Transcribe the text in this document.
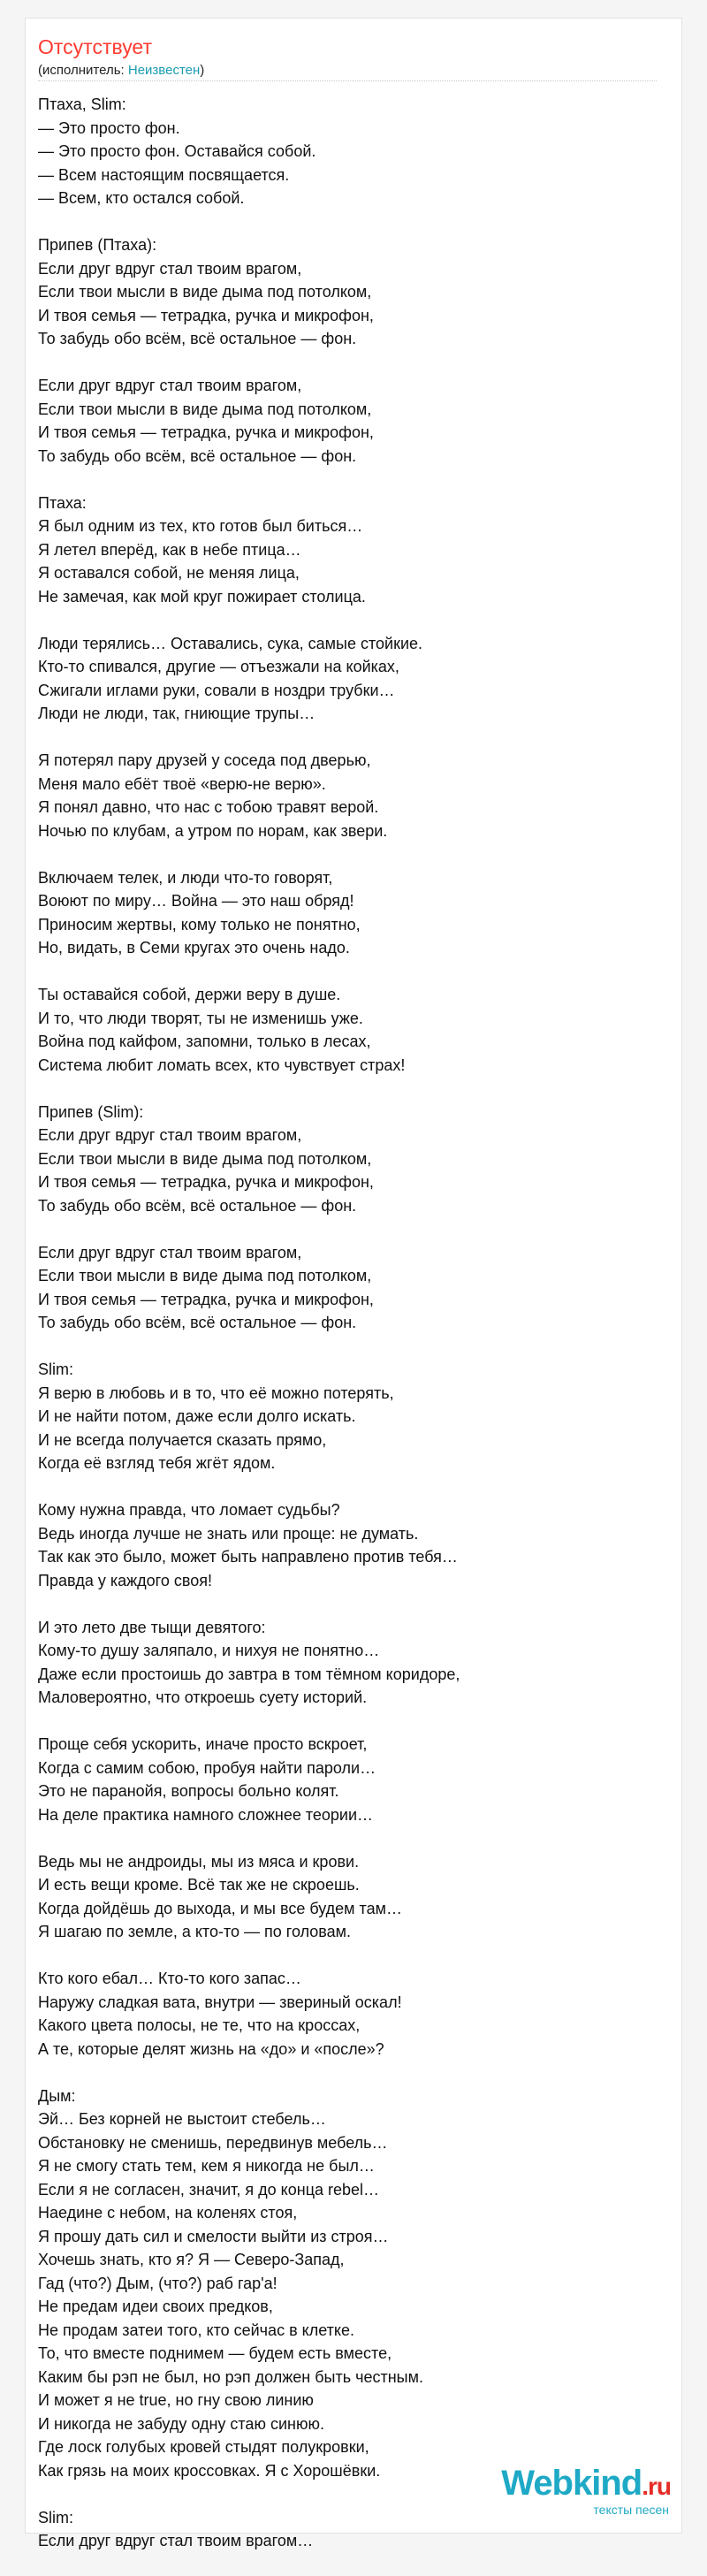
Отсутствует
(исполнитель: Неизвестен)
Птаха, Slim:
— Это просто фон.
— Это просто фон. Оставайся собой.
— Всем настоящим посвящается.
— Всем, кто остался собой.
Припев (Птаха):
Если друг вдруг стал твоим врагом,
Если твои мысли в виде дыма под потолком,
И твоя семья — тетрадка, ручка и микрофон,
То забудь обо всём, всё остальное — фон.
Если друг вдруг стал твоим врагом,
Если твои мысли в виде дыма под потолком,
И твоя семья — тетрадка, ручка и микрофон,
То забудь обо всём, всё остальное — фон.
Птаха:
Я был одним из тех, кто готов был биться…
Я летел вперёд, как в небе птица…
Я оставался собой, не меняя лица,
Не замечая, как мой круг пожирает столица.
Люди терялись… Оставались, сука, самые стойкие.
Кто-то спивался, другие — отъезжали на койках,
Сжигали иглами руки, совали в ноздри трубки…
Люди не люди, так, гниющие трупы…
Я потерял пару друзей у соседа под дверью,
Меня мало ебёт твоё «верю-не верю».
Я понял давно, что нас с тобою травят верой.
Ночью по клубам, а утром по норам, как звери.
Включаем телек, и люди что-то говорят,
Воюют по миру… Война — это наш обряд!
Приносим жертвы, кому только не понятно,
Но, видать, в Семи кругах это очень надо.
Ты оставайся собой, держи веру в душе.
И то, что люди творят, ты не изменишь уже.
Война под кайфом, запомни, только в лесах,
Система любит ломать всех, кто чувствует страх!
Припев (Slim):
Если друг вдруг стал твоим врагом,
Если твои мысли в виде дыма под потолком,
И твоя семья — тетрадка, ручка и микрофон,
То забудь обо всём, всё остальное — фон.
Если друг вдруг стал твоим врагом,
Если твои мысли в виде дыма под потолком,
И твоя семья — тетрадка, ручка и микрофон,
То забудь обо всём, всё остальное — фон.
Slim:
Я верю в любовь и в то, что её можно потерять,
И не найти потом, даже если долго искать.
И не всегда получается сказать прямо,
Когда её взгляд тебя жгёт ядом.
Кому нужна правда, что ломает судьбы?
Ведь иногда лучше не знать или проще: не думать.
Так как это было, может быть направлено против тебя…
Правда у каждого своя!
И это лето две тыщи девятого:
Кому-то душу заляпало, и нихуя не понятно…
Даже если простоишь до завтра в том тёмном коридоре,
Маловероятно, что откроешь суету историй.
Проще себя ускорить, иначе просто вскроет,
Когда с самим собою, пробуя найти пароли…
Это не паранойя, вопросы больно колят.
На деле практика намного сложнее теории…
Ведь мы не андроиды, мы из мяса и крови.
И есть вещи кроме. Всё так же не скроешь.
Когда дойдёшь до выхода, и мы все будем там…
Я шагаю по земле, а кто-то — по головам.
Кто кого ебал… Кто-то кого запас…
Наружу сладкая вата, внутри — звериный оскал!
Какого цвета полосы, не те, что на кроссах,
А те, которые делят жизнь на «до» и «после»?
Дым:
Эй… Без корней не выстоит стебель…
Обстановку не сменишь, передвинув мебель…
Я не смогу стать тем, кем я никогда не был…
Если я не согласен, значит, я до конца rebel…
Наедине с небом, на коленях стоя,
Я прошу дать сил и смелости выйти из строя…
Хочешь знать, кто я? Я — Северо-Запад,
Гад (что?) Дым, (что?) раб гар'а!
Не предам идеи своих предков,
Не продам затеи того, кто сейчас в клетке.
То, что вместе поднимем — будем есть вместе,
Каким бы рэп не был, но рэп должен быть честным.
И может я не true, но гну свою линию
И никогда не забуду одну стаю синюю.
Где лоск голубых кровей стыдят полукровки,
Как грязь на моих кроссовках. Я с Хорошёвки.
Slim:
Если друг вдруг стал твоим врагом…
Webkind.ru
тексты песен
